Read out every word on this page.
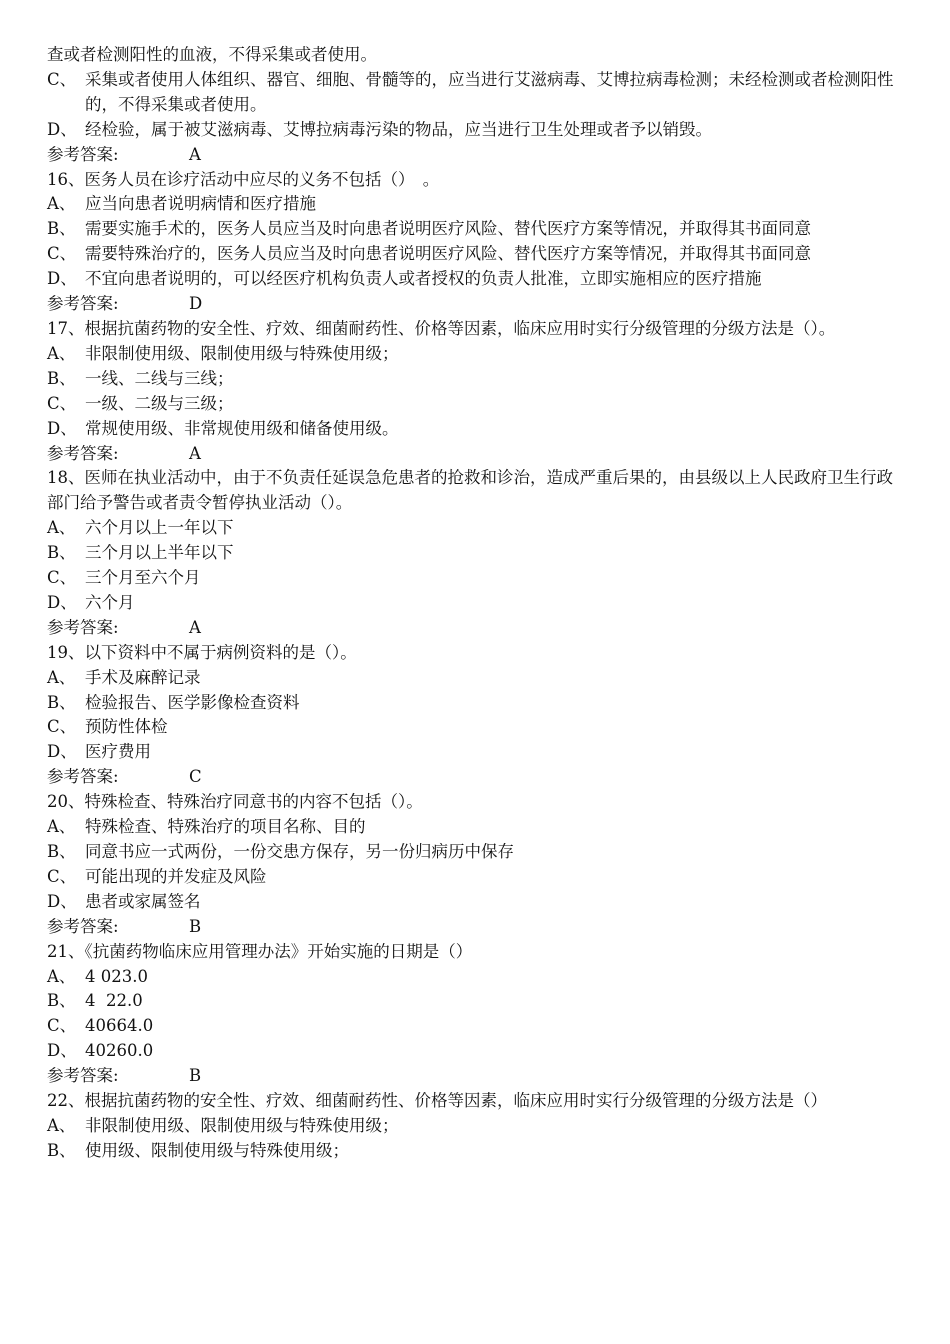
查或者检测阳性的血液，不得采集或者使用。
C、 采集或者使用人体组织、器官、细胞、骨髓等的，应当进行艾滋病毒、艾博拉病毒检测；未经检测或者检测阳性的，不得采集或者使用。
D、 经检验，属于被艾滋病毒、艾博拉病毒污染的物品，应当进行卫生处理或者予以销毁。
参考答案:	A
16、医务人员在诊疗活动中应尽的义务不包括（）　。
A、 应当向患者说明病情和医疗措施
B、 需要实施手术的，医务人员应当及时向患者说明医疗风险、替代医疗方案等情况，并取得其书面同意
C、 需要特殊治疗的，医务人员应当及时向患者说明医疗风险、替代医疗方案等情况，并取得其书面同意
D、 不宜向患者说明的，可以经医疗机构负责人或者授权的负责人批准，立即实施相应的医疗措施
参考答案:	D
17、根据抗菌药物的安全性、疗效、细菌耐药性、价格等因素，临床应用时实行分级管理的分级方法是（）。
A、 非限制使用级、限制使用级与特殊使用级；
B、 一线、二线与三线；
C、 一级、二级与三级；
D、 常规使用级、非常规使用级和储备使用级。
参考答案:	A
18、医师在执业活动中，由于不负责任延误急危患者的抢救和诊治，造成严重后果的，由县级以上人民政府卫生行政部门给予警告或者责令暂停执业活动（）。
A、 六个月以上一年以下
B、 三个月以上半年以下
C、 三个月至六个月
D、 六个月
参考答案:	A
19、以下资料中不属于病例资料的是（）。
A、 手术及麻醉记录
B、 检验报告、医学影像检查资料
C、 预防性体检
D、 医疗费用
参考答案:	C
20、特殊检查、特殊治疗同意书的内容不包括（）。
A、 特殊检查、特殊治疗的项目名称、目的
B、 同意书应一式两份，一份交患方保存，另一份归病历中保存
C、 可能出现的并发症及风险
D、 患者或家属签名
参考答案:	B
21、《抗菌药物临床应用管理办法》开始实施的日期是（）
A、 4 023.0
B、 4  22.0
C、 40664.0
D、 40260.0
参考答案:	B
22、根据抗菌药物的安全性、疗效、细菌耐药性、价格等因素，临床应用时实行分级管理的分级方法是（）
A、 非限制使用级、限制使用级与特殊使用级；
B、 使用级、限制使用级与特殊使用级；
